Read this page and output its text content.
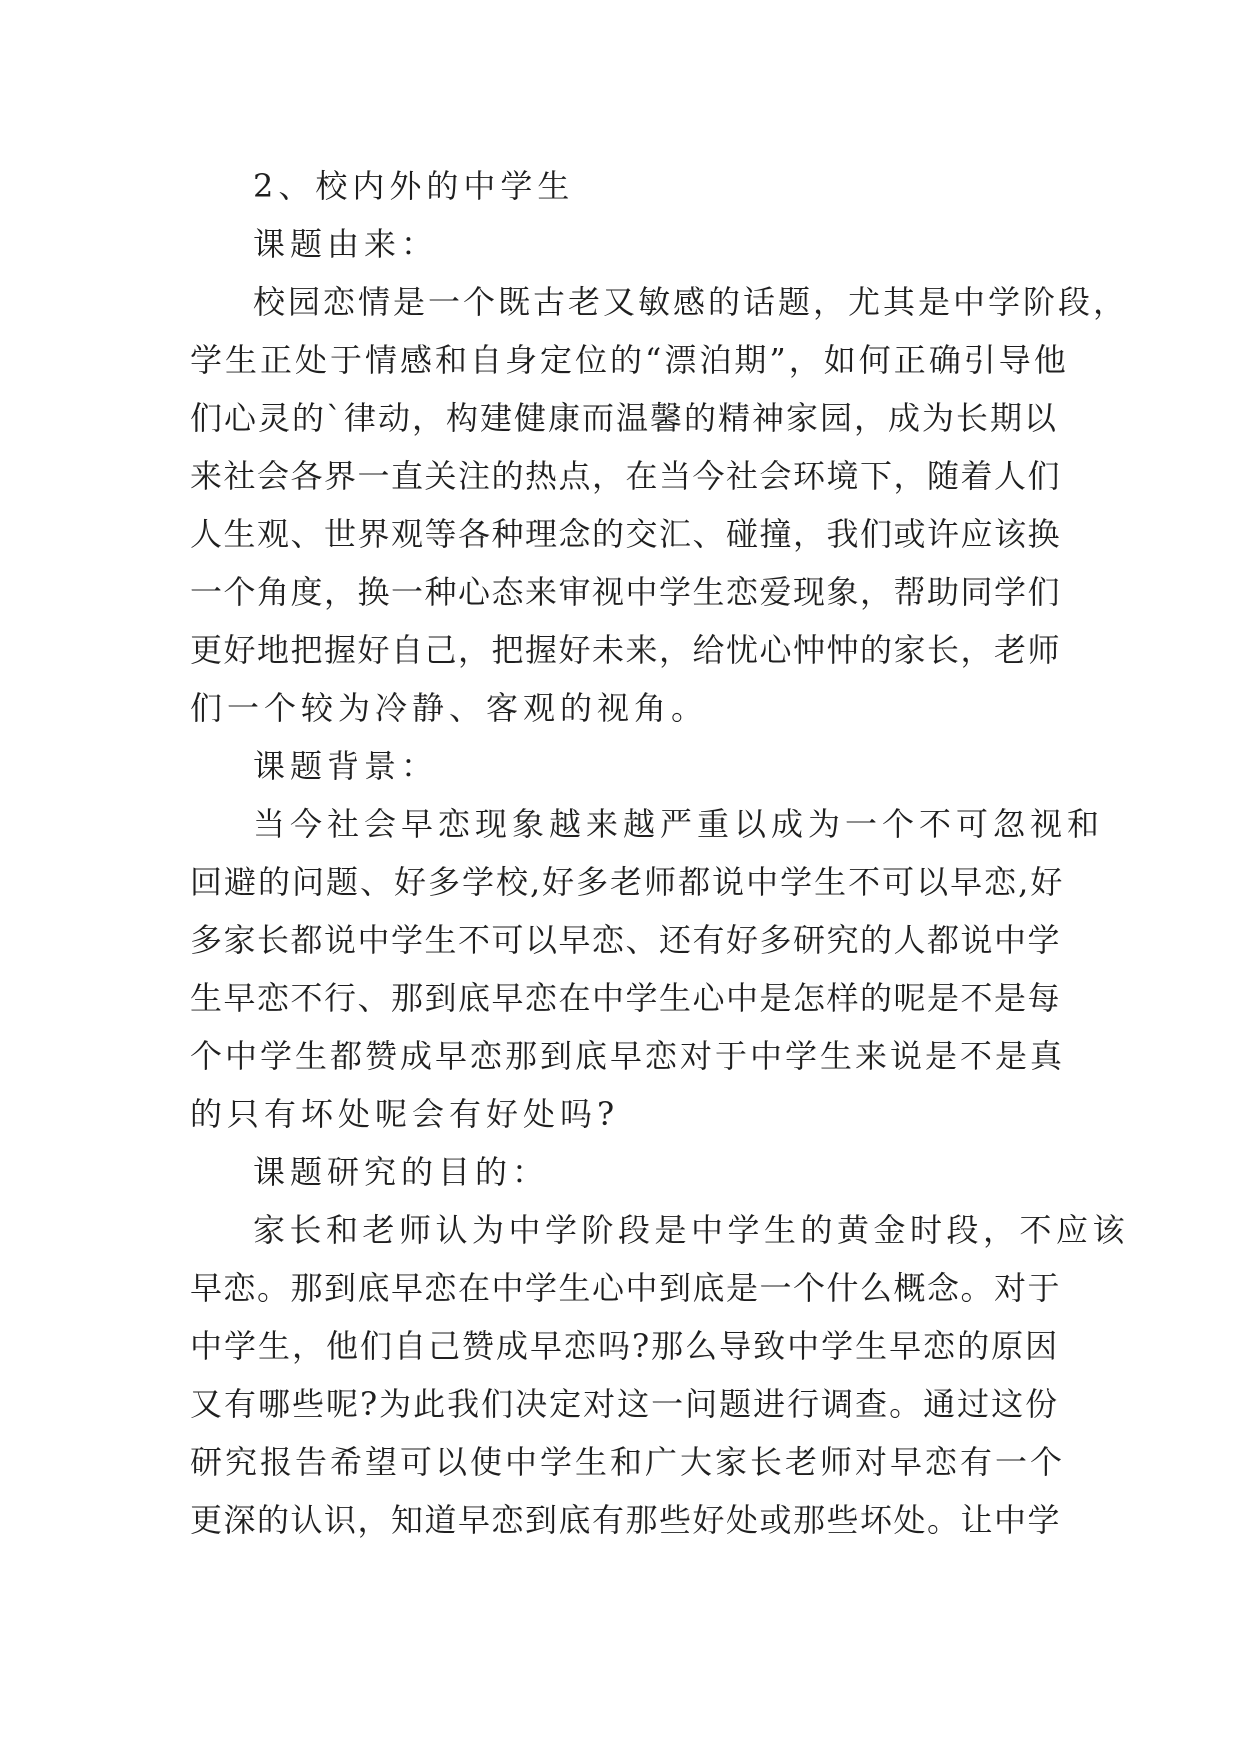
2、校内外的中学生
课题由来：
校园恋情是一个既古老又敏感的话题，尤其是中学阶段，
学生正处于情感和自身定位的“漂泊期”，如何正确引导他
们心灵的`律动，构建健康而温馨的精神家园，成为长期以
来社会各界一直关注的热点，在当今社会环境下，随着人们
人生观、世界观等各种理念的交汇、碰撞，我们或许应该换
一个角度，换一种心态来审视中学生恋爱现象，帮助同学们
更好地把握好自己，把握好未来，给忧心忡忡的家长，老师
们一个较为冷静、客观的视角。
课题背景：
当今社会早恋现象越来越严重以成为一个不可忽视和
回避的问题、好多学校,好多老师都说中学生不可以早恋,好
多家长都说中学生不可以早恋、还有好多研究的人都说中学
生早恋不行、那到底早恋在中学生心中是怎样的呢是不是每
个中学生都赞成早恋那到底早恋对于中学生来说是不是真
的只有坏处呢会有好处吗?
课题研究的目的：
家长和老师认为中学阶段是中学生的黄金时段，不应该
早恋。那到底早恋在中学生心中到底是一个什么概念。对于
中学生，他们自己赞成早恋吗?那么导致中学生早恋的原因
又有哪些呢?为此我们决定对这一问题进行调查。通过这份
研究报告希望可以使中学生和广大家长老师对早恋有一个
更深的认识，知道早恋到底有那些好处或那些坏处。让中学
